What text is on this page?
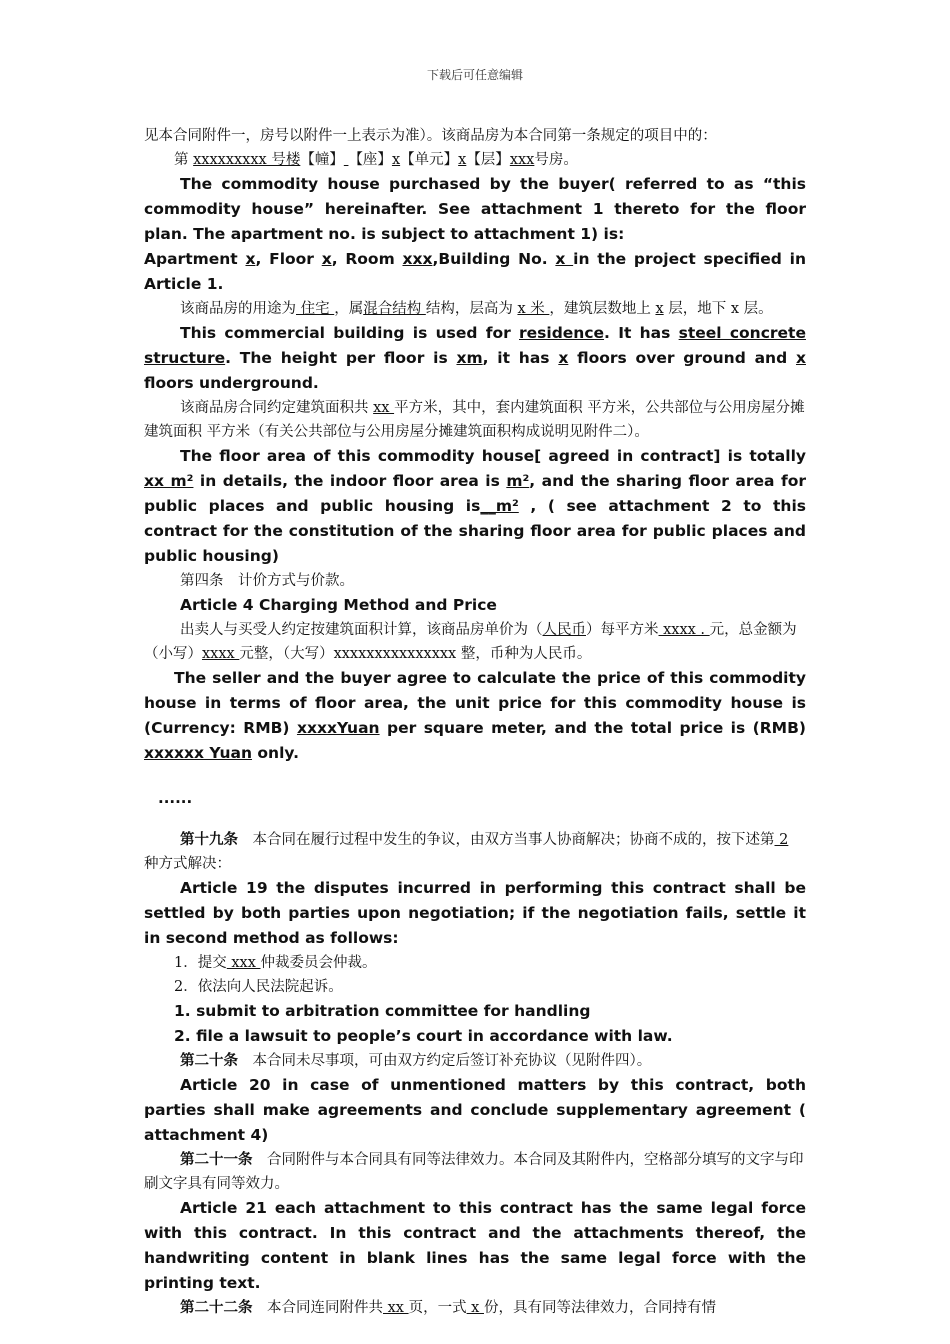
下载后可任意编辑
见本合同附件一，房号以附件一上表示为准）。该商品房为本合同第一条规定的项目中的：
第 xxxxxxxxx 号楼【幢】 【座】x【单元】x【层】xxx号房。
The commodity house purchased by the buyer( referred to as “this commodity house” hereinafter. See attachment 1 thereto for the floor plan. The apartment no. is subject to attachment 1) is:
Apartment x, Floor x, Room xxx,Building No. x in the project specified in Article 1.
该商品房的用途为 住宅 ，属混合结构 结构，层高为 x 米 ，建筑层数地上 x 层，地下 x 层。
This commercial building is used for residence. It has steel concrete structure. The height per floor is xm, it has x floors over ground and x floors underground.
该商品房合同约定建筑面积共 xx 平方米，其中，套内建筑面积 平方米，公共部位与公用房屋分摊建筑面积 平方米（有关公共部位与公用房屋分摊建筑面积构成说明见附件二）。
The floor area of this commodity house[ agreed in contract] is totally xx m² in details, the indoor floor area is m², and the sharing floor area for public places and public housing is__m² , ( see attachment 2 to this contract for the constitution of the sharing floor area for public places and public housing)
第四条　计价方式与价款。
Article 4 Charging Method and Price
出卖人与买受人约定按建筑面积计算，该商品房单价为（人民币）每平方米 xxxx . 元，总金额为（小写）xxxx 元整，（大写）xxxxxxxxxxxxxxx 整，币种为人民币。
The seller and the buyer agree to calculate the price of this commodity house in terms of floor area, the unit price for this commodity house is (Currency: RMB) xxxxYuan per square meter, and the total price is (RMB) xxxxxx Yuan only.
......
第十九条　本合同在履行过程中发生的争议，由双方当事人协商解决；协商不成的，按下述第 2 种方式解决：
Article 19 the disputes incurred in performing this contract shall be settled by both parties upon negotiation; if the negotiation fails, settle it in second method as follows:
1．提交 xxx 仲裁委员会仲裁。
2．依法向人民法院起诉。
1. submit to arbitration committee for handling
2. file a lawsuit to people’s court in accordance with law.
第二十条　本合同未尽事项，可由双方约定后签订补充协议（见附件四）。
Article 20 in case of unmentioned matters by this contract, both parties shall make agreements and conclude supplementary agreement ( attachment 4)
第二十一条　合同附件与本合同具有同等法律效力。本合同及其附件内，空格部分填写的文字与印刷文字具有同等效力。
Article 21 each attachment to this contract has the same legal force with this contract. In this contract and the attachments thereof, the handwriting content in blank lines has the same legal force with the printing text.
第二十二条　本合同连同附件共 xx 页，一式 x 份，具有同等法律效力，合同持有情
